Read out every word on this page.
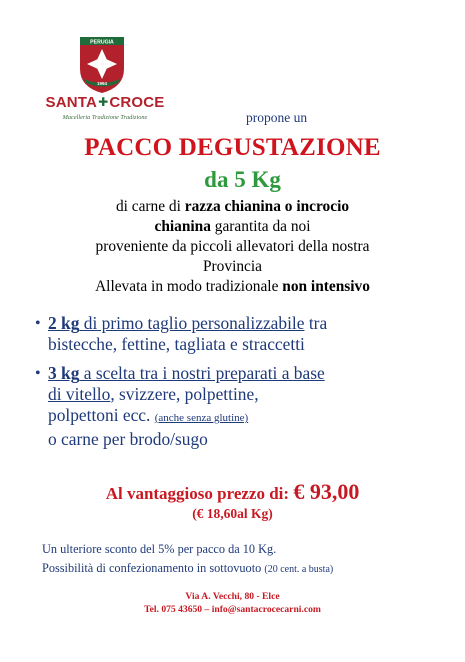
PERUGIA
1994
SANTA✚CROCE
Macelleria Tradizione Tradizione	propone un
PACCO DEGUSTAZIONE
da 5 Kg
di carne di razza chianina o incrocio
chianina garantita da noi
proveniente da piccoli allevatori della nostra
Provincia
Allevata in modo tradizionale non intensivo
• 2 kg di primo taglio personalizzabile tra
bistecche, fettine, tagliata e straccetti
• 3 kg a scelta tra i nostri preparati a base
di vitello, svizzere, polpettine,
polpettoni ecc. (anche senza glutine)
o carne per brodo/sugo
Al vantaggioso prezzo di: € 93,00
(€ 18,60al Kg)
Un ulteriore sconto del 5% per pacco da 10 Kg.
Possibilità di confezionamento in sottovuoto (20 cent. a busta)
Via A. Vecchi, 80 - Elce
Tel. 075 43650 – info@santacrocecarni.com
